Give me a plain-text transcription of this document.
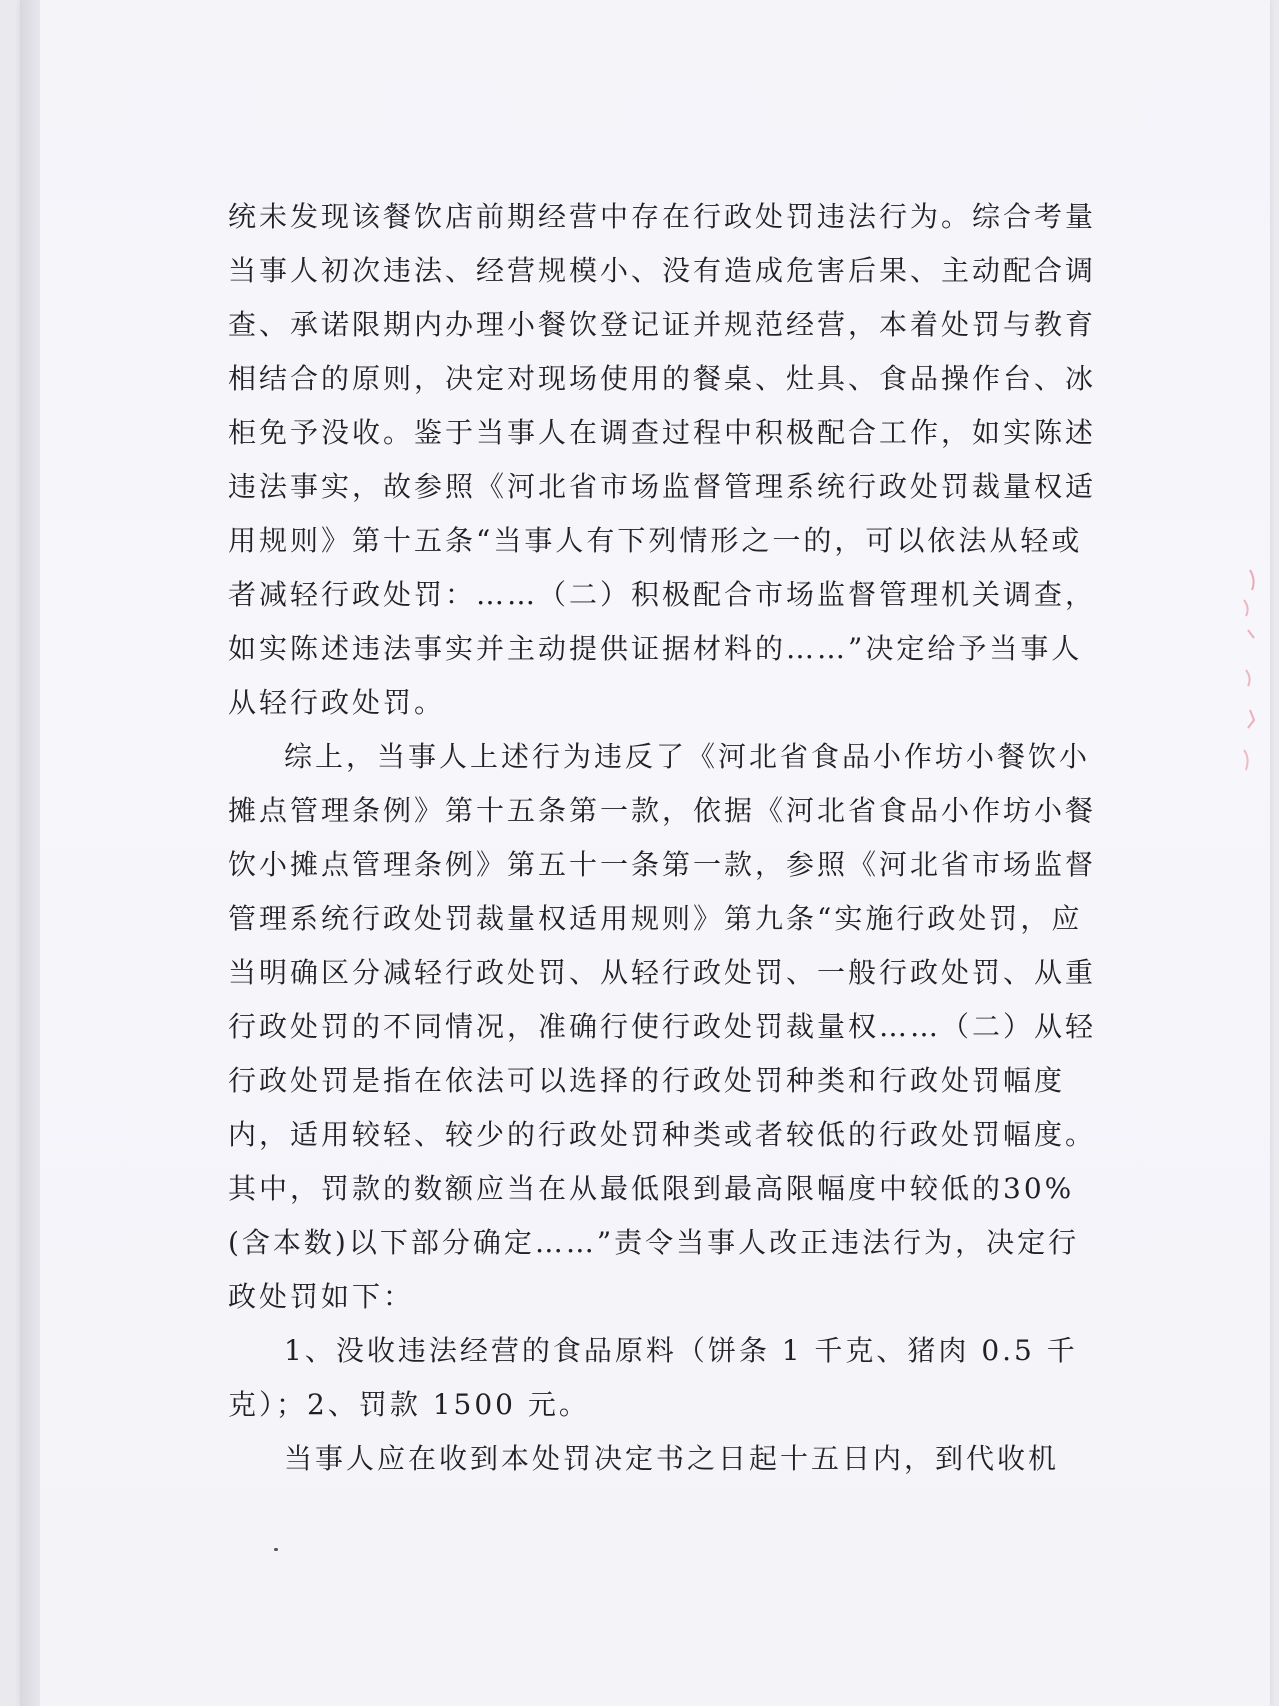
统未发现该餐饮店前期经营中存在行政处罚违法行为。综合考量当事人初次违法、经营规模小、没有造成危害后果、主动配合调查、承诺限期内办理小餐饮登记证并规范经营，本着处罚与教育相结合的原则，决定对现场使用的餐桌、灶具、食品操作台、冰柜免予没收。鉴于当事人在调查过程中积极配合工作，如实陈述违法事实，故参照《河北省市场监督管理系统行政处罚裁量权适用规则》第十五条“当事人有下列情形之一的，可以依法从轻或者减轻行政处罚：……（二）积极配合市场监督管理机关调查，如实陈述违法事实并主动提供证据材料的……”决定给予当事人从轻行政处罚。

综上，当事人上述行为违反了《河北省食品小作坊小餐饮小摊点管理条例》第十五条第一款，依据《河北省食品小作坊小餐饮小摊点管理条例》第五十一条第一款，参照《河北省市场监督管理系统行政处罚裁量权适用规则》第九条“实施行政处罚，应当明确区分减轻行政处罚、从轻行政处罚、一般行政处罚、从重行政处罚的不同情况，准确行使行政处罚裁量权……（二）从轻行政处罚是指在依法可以选择的行政处罚种类和行政处罚幅度内，适用较轻、较少的行政处罚种类或者较低的行政处罚幅度。其中，罚款的数额应当在从最低限到最高限幅度中较低的30%(含本数)以下部分确定……”责令当事人改正违法行为，决定行政处罚如下：

1、没收违法经营的食品原料（饼条 1 千克、猪肉 0.5 千克）；2、罚款 1500 元。

当事人应在收到本处罚决定书之日起十五日内，到代收机
